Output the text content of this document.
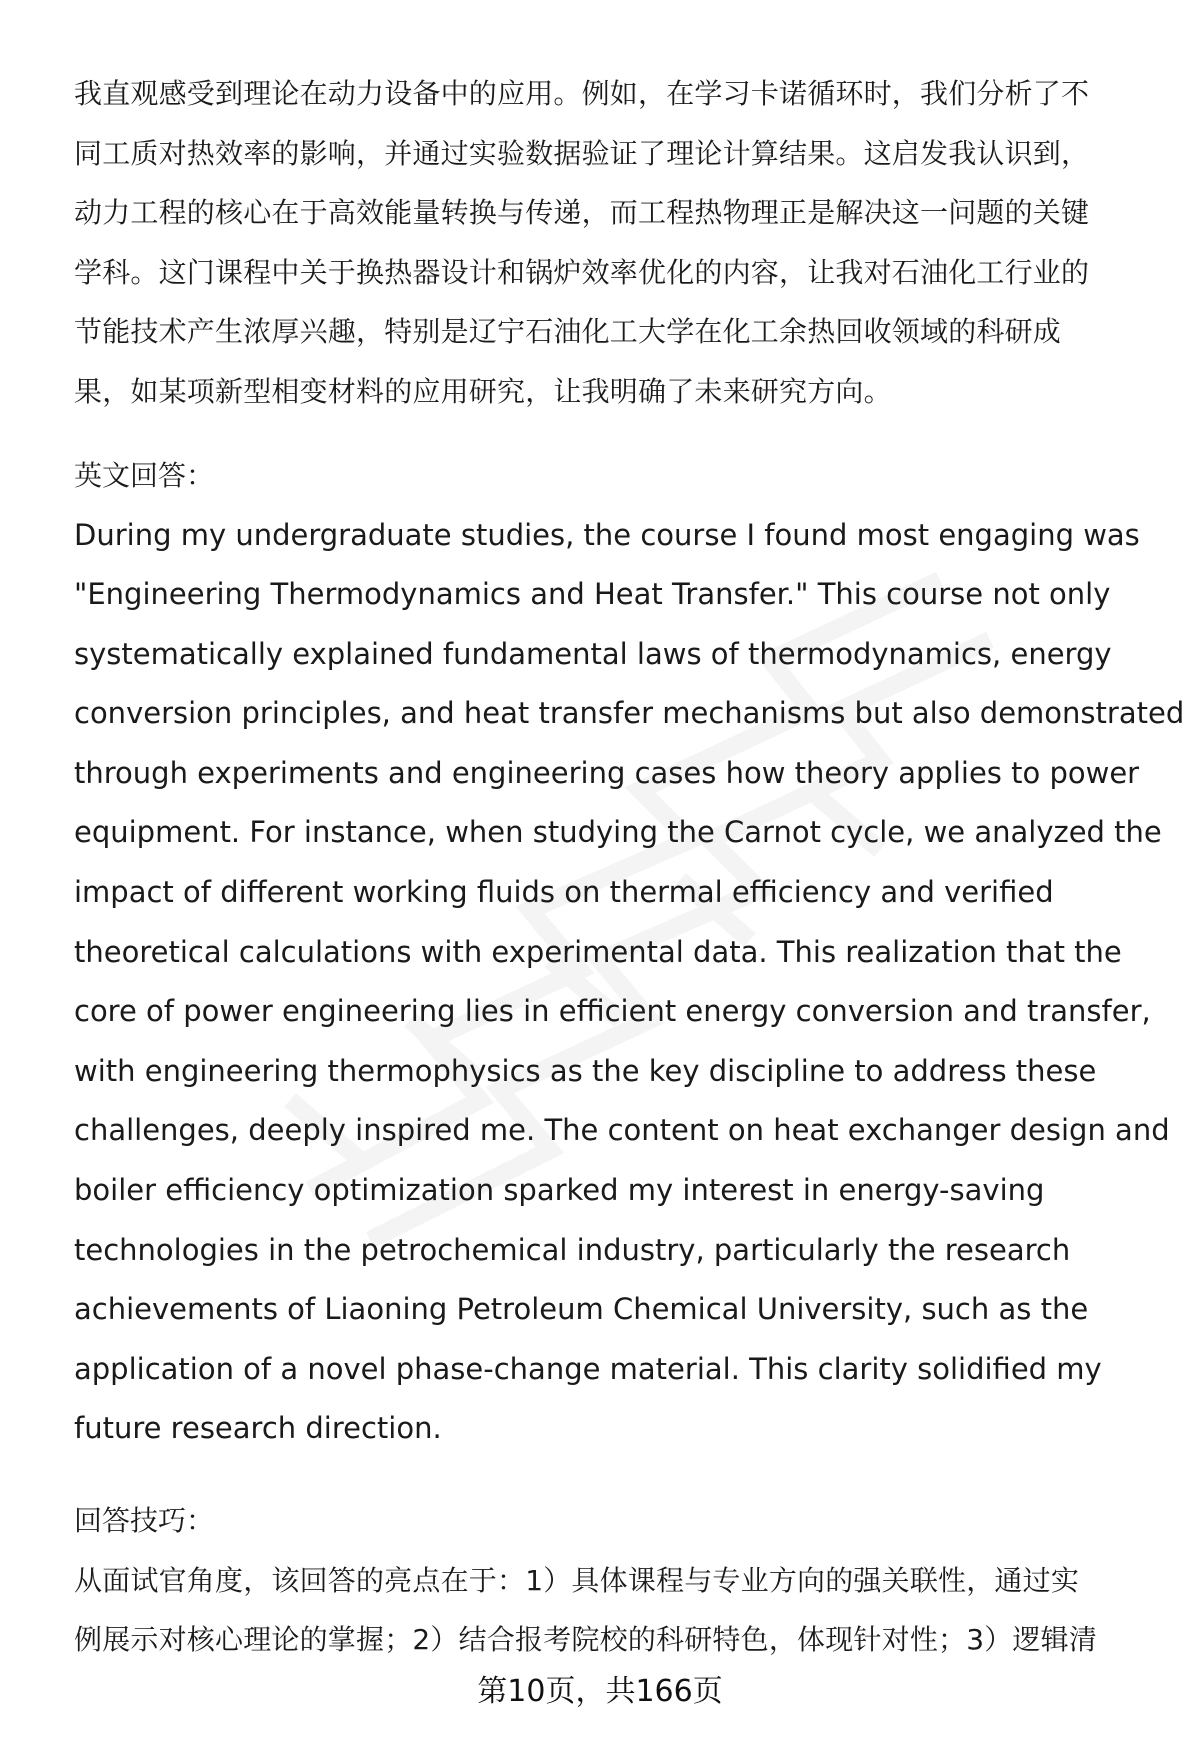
我直观感受到理论在动力设备中的应用。例如，在学习卡诺循环时，我们分析了不
同工质对热效率的影响，并通过实验数据验证了理论计算结果。这启发我认识到，
动力工程的核心在于高效能量转换与传递，而工程热物理正是解决这一问题的关键
学科。这门课程中关于换热器设计和锅炉效率优化的内容，让我对石油化工行业的
节能技术产生浓厚兴趣，特别是辽宁石油化工大学在化工余热回收领域的科研成
果，如某项新型相变材料的应用研究，让我明确了未来研究方向。

英文回答：

During my undergraduate studies, the course I found most engaging was
"Engineering Thermodynamics and Heat Transfer." This course not only
systematically explained fundamental laws of thermodynamics, energy
conversion principles, and heat transfer mechanisms but also demonstrated
through experiments and engineering cases how theory applies to power
equipment. For instance, when studying the Carnot cycle, we analyzed the
impact of different working fluids on thermal efficiency and verified
theoretical calculations with experimental data. This realization that the
core of power engineering lies in efficient energy conversion and transfer,
with engineering thermophysics as the key discipline to address these
challenges, deeply inspired me. The content on heat exchanger design and
boiler efficiency optimization sparked my interest in energy-saving
technologies in the petrochemical industry, particularly the research
achievements of Liaoning Petroleum Chemical University, such as the
application of a novel phase-change material. This clarity solidified my
future research direction.

回答技巧：

从面试官角度，该回答的亮点在于：1）具体课程与专业方向的强关联性，通过实
例展示对核心理论的掌握；2）结合报考院校的科研特色，体现针对性；3）逻辑清

第10页，共166页
